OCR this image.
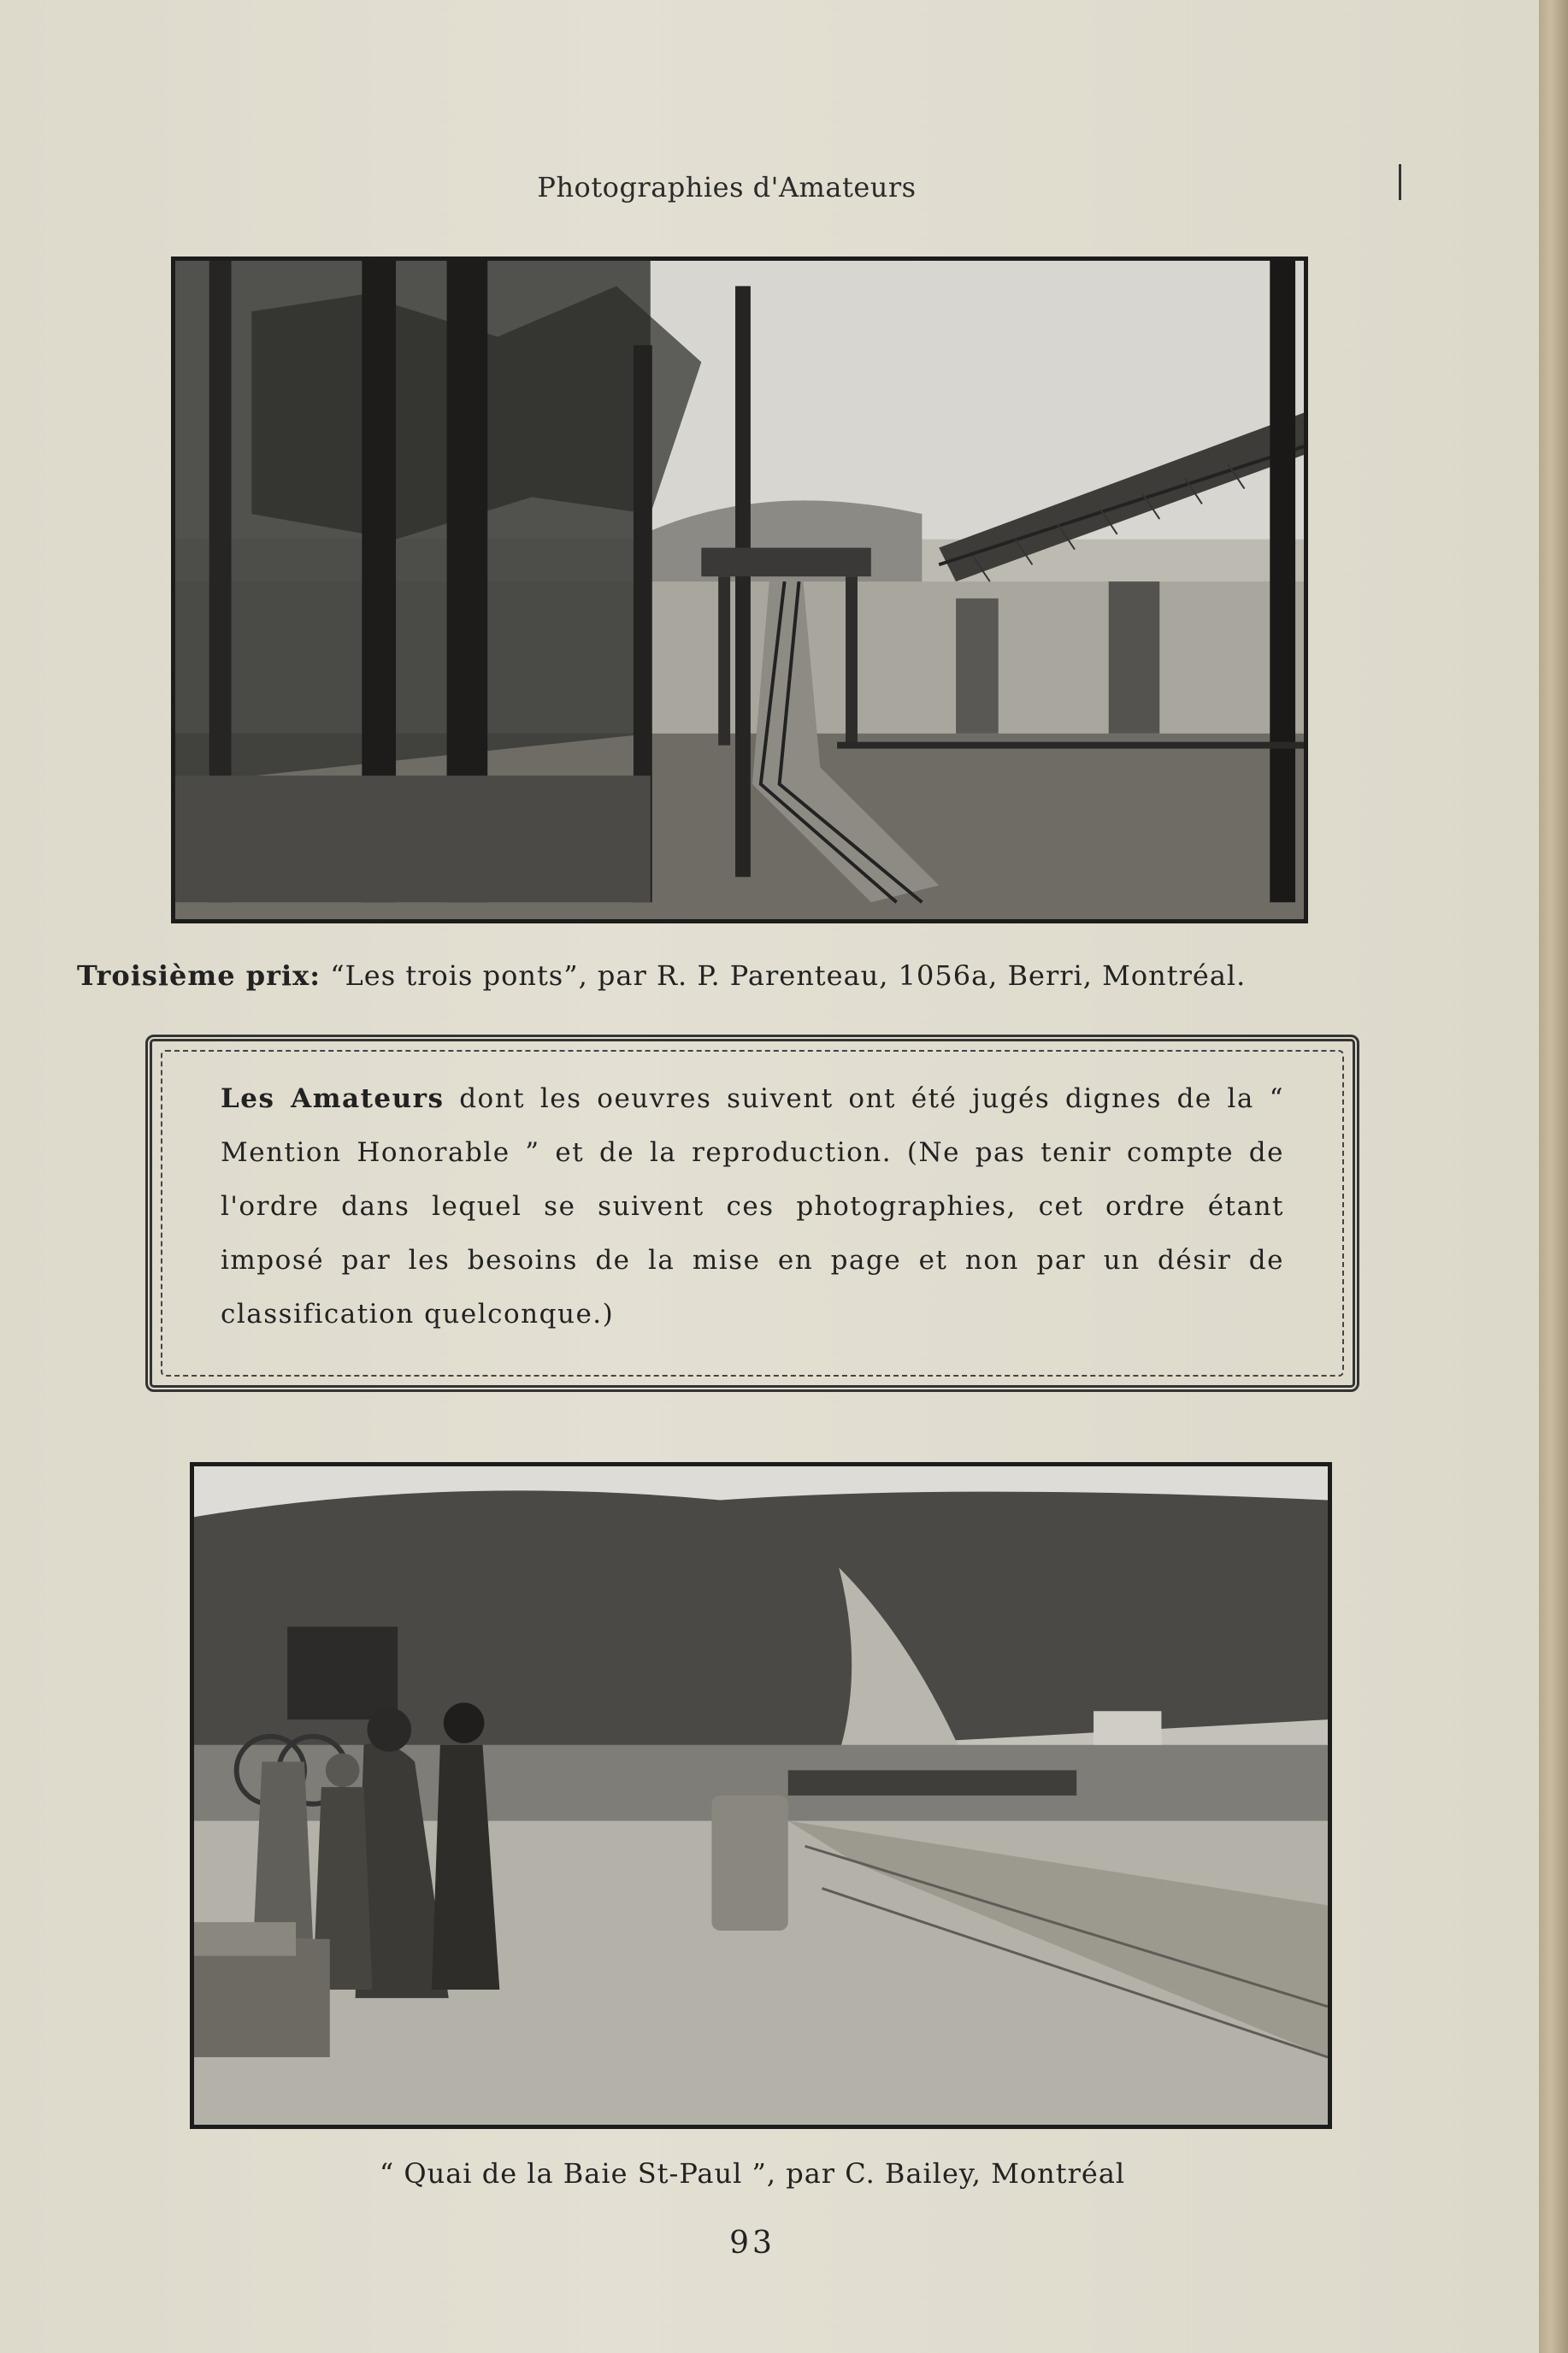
Photographies d'Amateurs
Troisième prix: “Les trois ponts”, par R. P. Parenteau, 1056a, Berri, Montréal.

Les Amateurs dont les oeuvres suivent ont été jugés dignes de la “ Mention Honorable ” et de la reproduction. (Ne pas tenir compte de l'ordre dans lequel se suivent ces photographies, cet ordre étant imposé par les besoins de la mise en page et non par un désir de classification quelconque.)

“ Quai de la Baie St-Paul ”, par C. Bailey, Montréal
93
